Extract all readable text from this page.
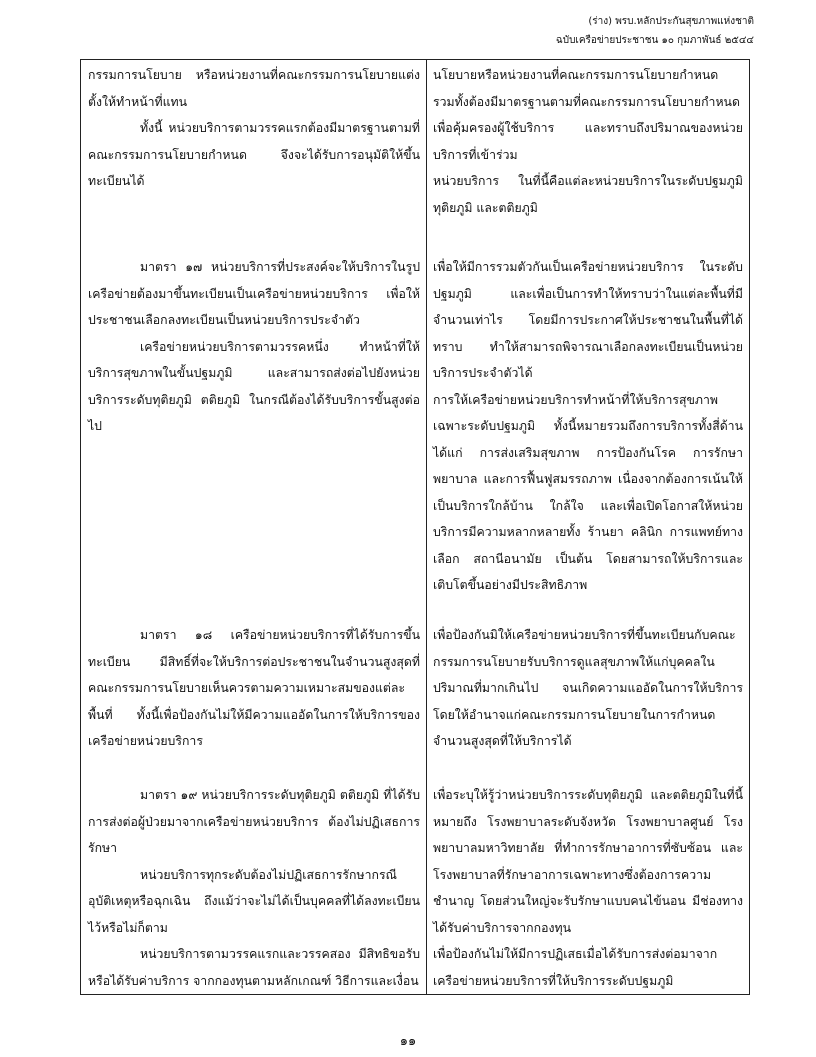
(ร่าง) พรบ.หลักประกันสุขภาพแห่งชาติ
ฉบับเครือข่ายประชาชน ๑๐ กุมภาพันธ์ ๒๕๔๔

กรรมการนโยบาย หรือหน่วยงานที่คณะกรรมการนโยบายแต่งตั้งให้ทำหน้าที่แทน

ทั้งนี้ หน่วยบริการตามวรรคแรกต้องมีมาตรฐานตามที่คณะกรรมการนโยบายกำหนด จึงจะได้รับการอนุมัติให้ขึ้นทะเบียนได้

นโยบายหรือหน่วยงานที่คณะกรรมการนโยบายกำหนด รวมทั้งต้องมีมาตรฐานตามที่คณะกรรมการนโยบายกำหนด เพื่อคุ้มครองผู้ใช้บริการ และทราบถึงปริมาณของหน่วยบริการที่เข้าร่วม

หน่วยบริการ ในที่นี้คือแต่ละหน่วยบริการในระดับปฐมภูมิ ทุติยภูมิ และตติยภูมิ

มาตรา ๑๗ หน่วยบริการที่ประสงค์จะให้บริการในรูปเครือข่ายต้องมาขึ้นทะเบียนเป็นเครือข่ายหน่วยบริการ เพื่อให้ประชาชนเลือกลงทะเบียนเป็นหน่วยบริการประจำตัว

เครือข่ายหน่วยบริการตามวรรคหนึ่ง ทำหน้าที่ให้บริการสุขภาพในขั้นปฐมภูมิ และสามารถส่งต่อไปยังหน่วยบริการระดับทุติยภูมิ ตติยภูมิ ในกรณีต้องได้รับบริการขั้นสูงต่อไป

เพื่อให้มีการรวมตัวกันเป็นเครือข่ายหน่วยบริการ ในระดับปฐมภูมิ และเพื่อเป็นการทำให้ทราบว่าในแต่ละพื้นที่มีจำนวนเท่าไร โดยมีการประกาศให้ประชาชนในพื้นที่ได้ทราบ ทำให้สามารถพิจารณาเลือกลงทะเบียนเป็นหน่วยบริการประจำตัวได้

การให้เครือข่ายหน่วยบริการทำหน้าที่ให้บริการสุขภาพเฉพาะระดับปฐมภูมิ ทั้งนี้หมายรวมถึงการบริการทั้งสี่ด้านได้แก่ การส่งเสริมสุขภาพ การป้องกันโรค การรักษาพยาบาล และการฟื้นฟูสมรรถภาพ เนื่องจากต้องการเน้นให้เป็นบริการใกล้บ้าน ใกล้ใจ และเพื่อเปิดโอกาสให้หน่วยบริการมีความหลากหลายทั้ง ร้านยา คลินิก การแพทย์ทางเลือก สถานีอนามัย เป็นต้น โดยสามารถให้บริการและเติบโตขึ้นอย่างมีประสิทธิภาพ

มาตรา ๑๘ เครือข่ายหน่วยบริการที่ได้รับการขึ้นทะเบียน มีสิทธิ์ที่จะให้บริการต่อประชาชนในจำนวนสูงสุดที่คณะกรรมการนโยบายเห็นควรตามความเหมาะสมของแต่ละพื้นที่ ทั้งนี้เพื่อป้องกันไม่ให้มีความแออัดในการให้บริการของเครือข่ายหน่วยบริการ

เพื่อป้องกันมิให้เครือข่ายหน่วยบริการที่ขึ้นทะเบียนกับคณะกรรมการนโยบายรับบริการดูแลสุขภาพให้แก่บุคคลในปริมาณที่มากเกินไป จนเกิดความแออัดในการให้บริการ โดยให้อำนาจแก่คณะกรรมการนโยบายในการกำหนดจำนวนสูงสุดที่ให้บริการได้

มาตรา ๑๙ หน่วยบริการระดับทุติยภูมิ ตติยภูมิ ที่ได้รับการส่งต่อผู้ป่วยมาจากเครือข่ายหน่วยบริการ ต้องไม่ปฏิเสธการรักษา

หน่วยบริการทุกระดับต้องไม่ปฏิเสธการรักษากรณีอุบัติเหตุหรือฉุกเฉิน ถึงแม้ว่าจะไม่ได้เป็นบุคคลที่ได้ลงทะเบียนไว้หรือไม่ก็ตาม

หน่วยบริการตามวรรคแรกและวรรคสอง มีสิทธิขอรับหรือได้รับค่าบริการ จากกองทุนตามหลักเกณฑ์ วิธีการและเงื่อน

เพื่อระบุให้รู้ว่าหน่วยบริการระดับทุติยภูมิ และตติยภูมิในที่นี้หมายถึง โรงพยาบาลระดับจังหวัด โรงพยาบาลศูนย์ โรงพยาบาลมหาวิทยาลัย ที่ทำการรักษาอาการที่ซับซ้อน และโรงพยาบาลที่รักษาอาการเฉพาะทางซึ่งต้องการความชำนาญ โดยส่วนใหญ่จะรับรักษาแบบคนไข้นอน มีช่องทางได้รับค่าบริการจากกองทุน

เพื่อป้องกันไม่ให้มีการปฏิเสธเมื่อได้รับการส่งต่อมาจากเครือข่ายหน่วยบริการที่ให้บริการระดับปฐมภูมิ

๑๑
